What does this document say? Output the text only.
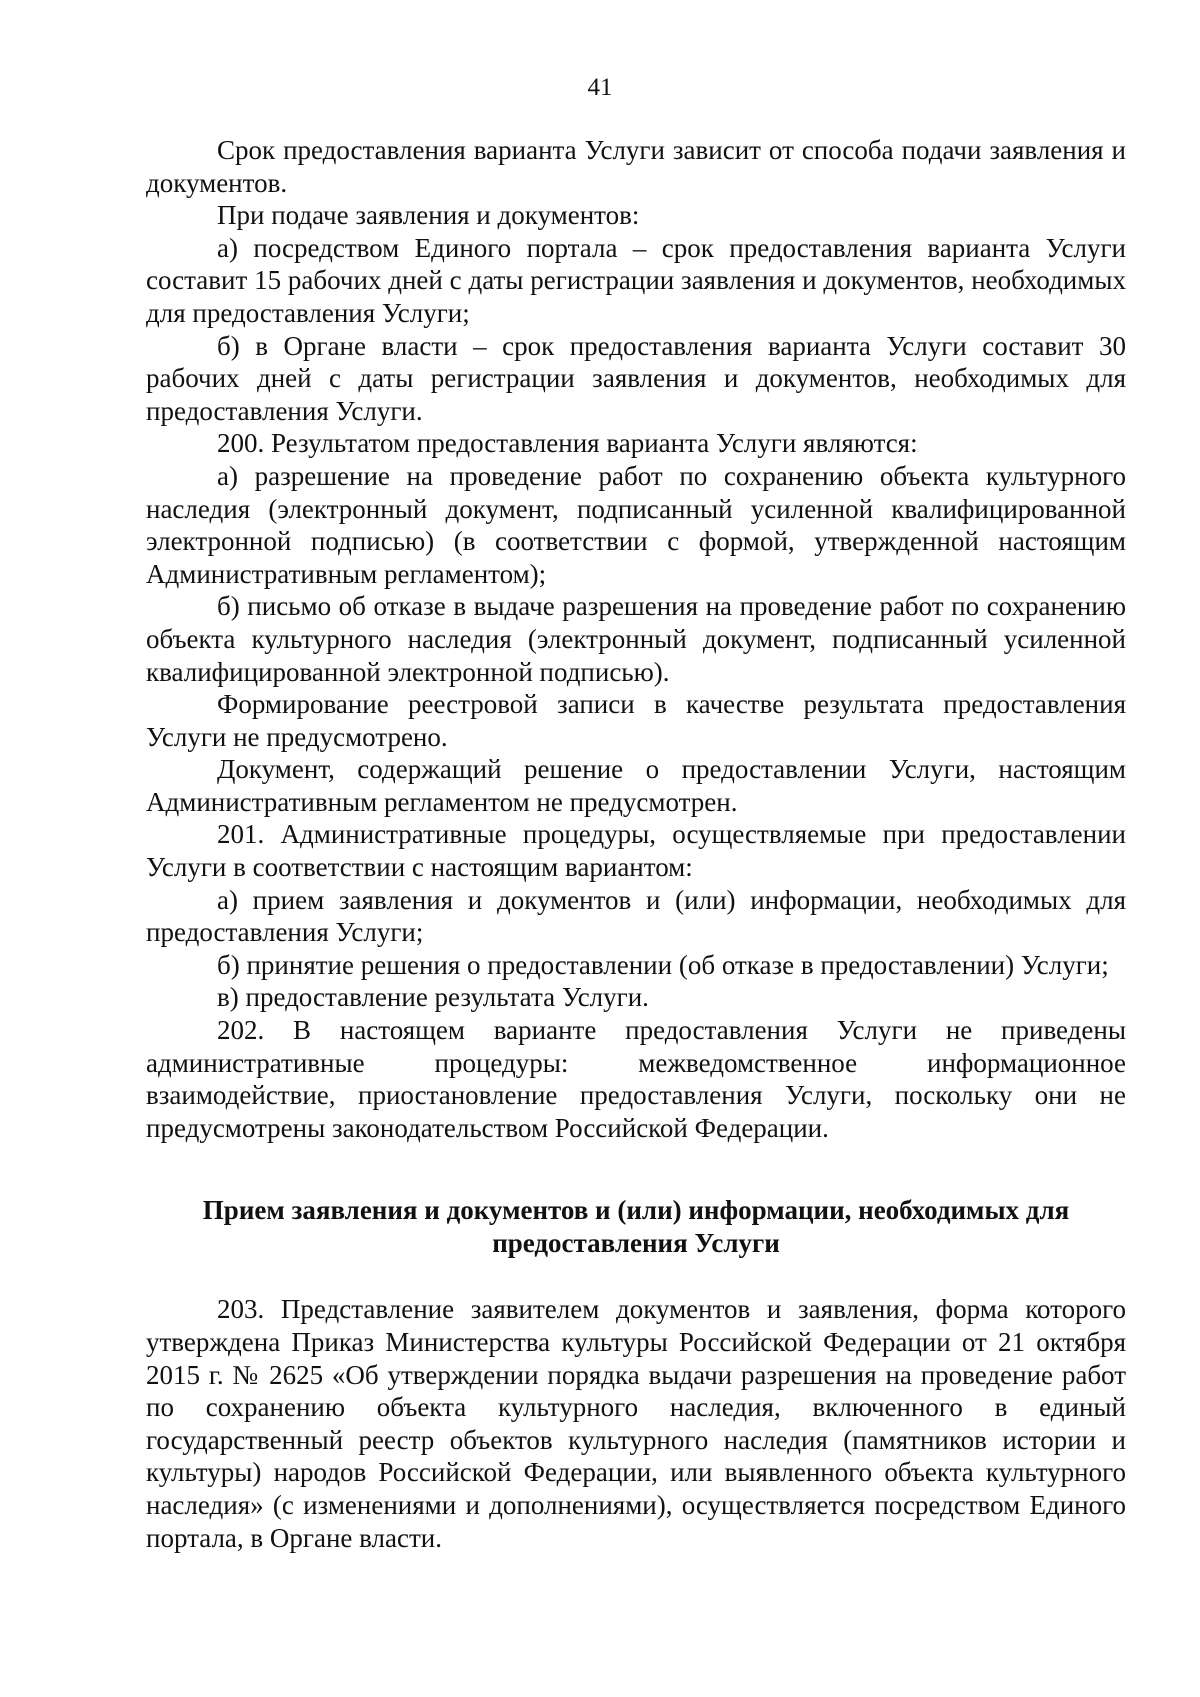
41

Срок предоставления варианта Услуги зависит от способа подачи заявления и документов.

При подаче заявления и документов:

а) посредством Единого портала – срок предоставления варианта Услуги составит 15 рабочих дней с даты регистрации заявления и документов, необходимых для предоставления Услуги;

б) в Органе власти – срок предоставления варианта Услуги составит 30 рабочих дней с даты регистрации заявления и документов, необходимых для предоставления Услуги.

200. Результатом предоставления варианта Услуги являются:

а) разрешение на проведение работ по сохранению объекта культурного наследия (электронный документ, подписанный усиленной квалифицированной электронной подписью) (в соответствии с формой, утвержденной настоящим Административным регламентом);

б) письмо об отказе в выдаче разрешения на проведение работ по сохранению объекта культурного наследия (электронный документ, подписанный усиленной квалифицированной электронной подписью).

Формирование реестровой записи в качестве результата предоставления Услуги не предусмотрено.

Документ, содержащий решение о предоставлении Услуги, настоящим Административным регламентом не предусмотрен.

201. Административные процедуры, осуществляемые при предоставлении Услуги в соответствии с настоящим вариантом:

а) прием заявления и документов и (или) информации, необходимых для предоставления Услуги;

б) принятие решения о предоставлении (об отказе в предоставлении) Услуги;

в) предоставление результата Услуги.

202. В настоящем варианте предоставления Услуги не приведены административные процедуры: межведомственное информационное взаимодействие, приостановление предоставления Услуги, поскольку они не предусмотрены законодательством Российской Федерации.

Прием заявления и документов и (или) информации, необходимых для предоставления Услуги

203. Представление заявителем документов и заявления, форма которого утверждена Приказ Министерства культуры Российской Федерации от 21 октября 2015 г. № 2625 «Об утверждении порядка выдачи разрешения на проведение работ по сохранению объекта культурного наследия, включенного в единый государственный реестр объектов культурного наследия (памятников истории и культуры) народов Российской Федерации, или выявленного объекта культурного наследия» (с изменениями и дополнениями), осуществляется посредством Единого портала, в Органе власти.
